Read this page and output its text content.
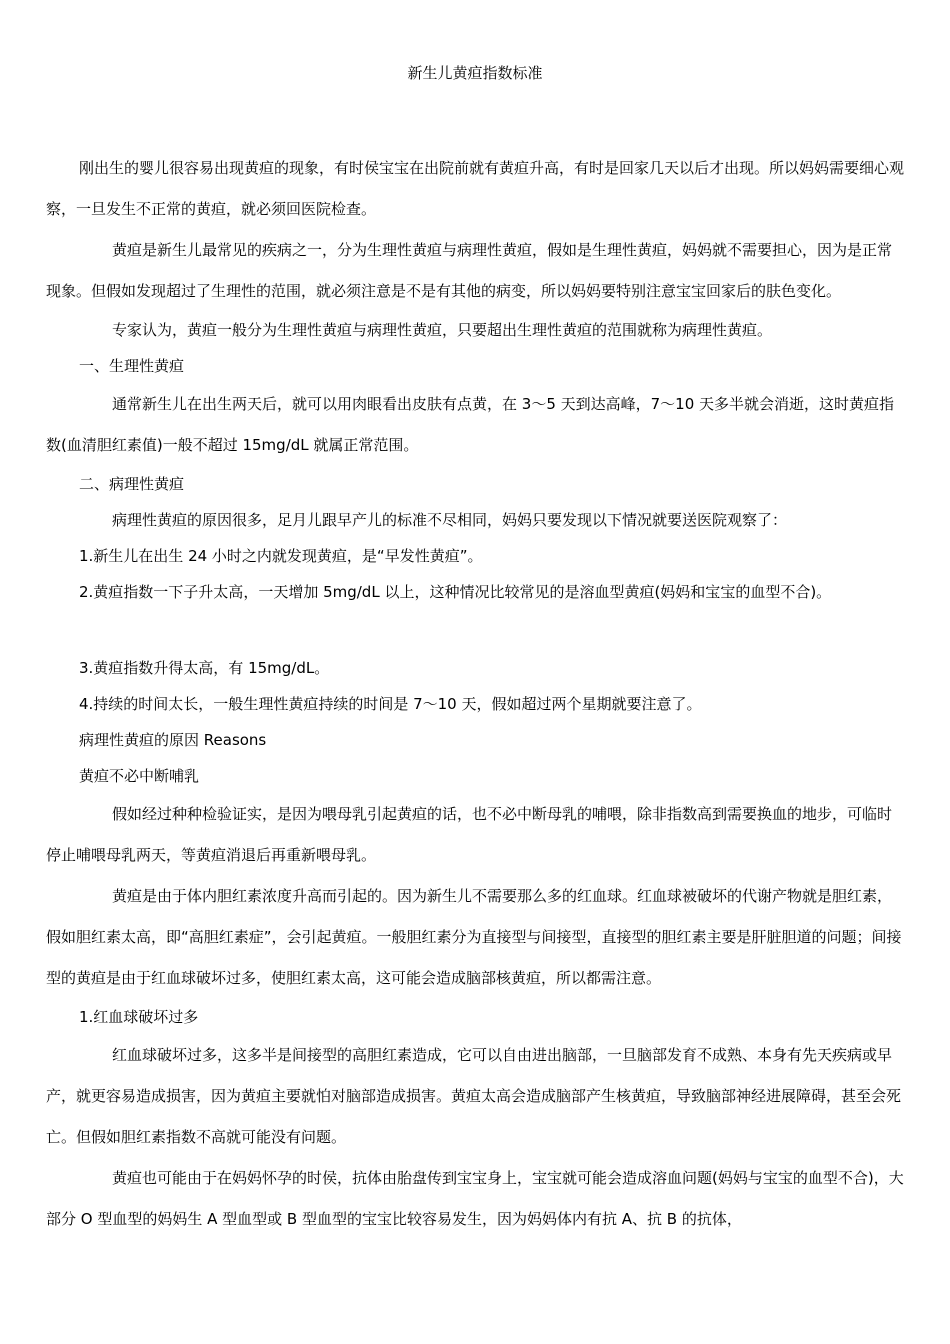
新生儿黄疸指数标准

刚出生的婴儿很容易出现黄疸的现象，有时侯宝宝在出院前就有黄疸升高，有时是回家几天以后才出现。所以妈妈需要细心观察，一旦发生不正常的黄疸，就必须回医院检查。

黄疸是新生儿最常见的疾病之一，分为生理性黄疸与病理性黄疸，假如是生理性黄疸，妈妈就不需要担心，因为是正常现象。但假如发现超过了生理性的范围，就必须注意是不是有其他的病变，所以妈妈要特别注意宝宝回家后的肤色变化。

专家认为，黄疸一般分为生理性黄疸与病理性黄疸，只要超出生理性黄疸的范围就称为病理性黄疸。

一、生理性黄疸

通常新生儿在出生两天后，就可以用肉眼看出皮肤有点黄，在 3～5 天到达高峰，7～10 天多半就会消逝，这时黄疸指数(血清胆红素值)一般不超过 15mg/dL 就属正常范围。

二、病理性黄疸

病理性黄疸的原因很多，足月儿跟早产儿的标准不尽相同，妈妈只要发现以下情况就要送医院观察了：

1.新生儿在出生 24 小时之内就发现黄疸，是“早发性黄疸”。

2.黄疸指数一下子升太高，一天增加 5mg/dL 以上，这种情况比较常见的是溶血型黄疸(妈妈和宝宝的血型不合)。

3.黄疸指数升得太高，有 15mg/dL。

4.持续的时间太长，一般生理性黄疸持续的时间是 7～10 天，假如超过两个星期就要注意了。

病理性黄疸的原因 Reasons

黄疸不必中断哺乳

假如经过种种检验证实，是因为喂母乳引起黄疸的话，也不必中断母乳的哺喂，除非指数高到需要换血的地步，可临时停止哺喂母乳两天，等黄疸消退后再重新喂母乳。

黄疸是由于体内胆红素浓度升高而引起的。因为新生儿不需要那么多的红血球。红血球被破坏的代谢产物就是胆红素，假如胆红素太高，即“高胆红素症”，会引起黄疸。一般胆红素分为直接型与间接型，直接型的胆红素主要是肝脏胆道的问题；间接型的黄疸是由于红血球破坏过多，使胆红素太高，这可能会造成脑部核黄疸，所以都需注意。

1.红血球破坏过多

红血球破坏过多，这多半是间接型的高胆红素造成，它可以自由进出脑部，一旦脑部发育不成熟、本身有先天疾病或早产，就更容易造成损害，因为黄疸主要就怕对脑部造成损害。黄疸太高会造成脑部产生核黄疸，导致脑部神经进展障碍，甚至会死亡。但假如胆红素指数不高就可能没有问题。

黄疸也可能由于在妈妈怀孕的时侯，抗体由胎盘传到宝宝身上，宝宝就可能会造成溶血问题(妈妈与宝宝的血型不合)，大部分 O 型血型的妈妈生 A 型血型或 B 型血型的宝宝比较容易发生，因为妈妈体内有抗 A、抗 B 的抗体，
